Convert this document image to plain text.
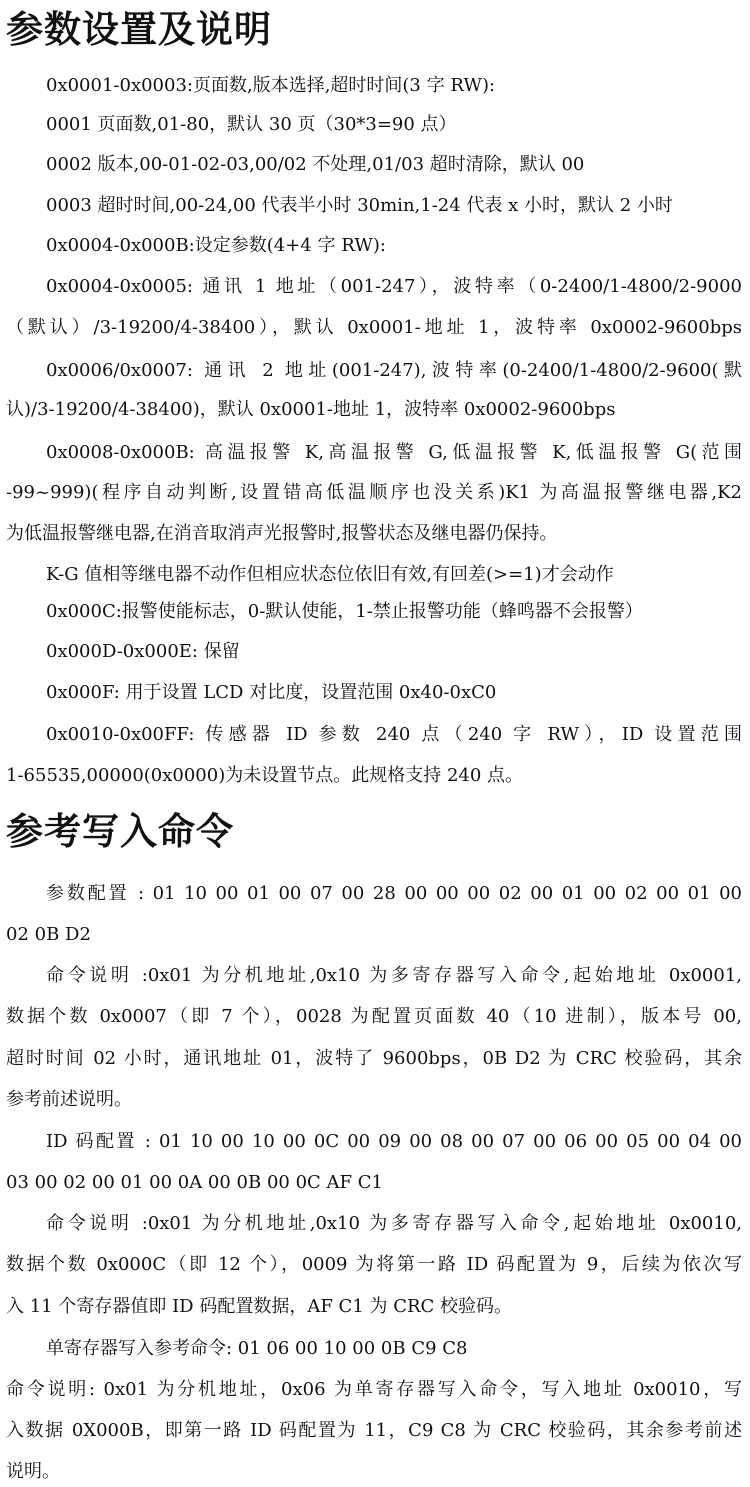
参数设置及说明

0x0001-0x0003:页面数,版本选择,超时时间(3 字 RW):

0001 页面数,01-80，默认 30 页（30*3=90 点）

0002 版本,00-01-02-03,00/02 不处理,01/03 超时清除，默认 00

0003 超时时间,00-24,00 代表半小时 30min,1-24 代表 x 小时，默认 2 小时

0x0004-0x000B:设定参数(4+4 字 RW):

0x0004-0x0005: 通讯 1 地址（001-247），波特率（0-2400/1-4800/2-9000

（默认）/3-19200/4-38400），默认 0x0001-地址 1，波特率 0x0002-9600bps

0x0006/0x0007: 通讯 2 地址(001-247),波特率(0-2400/1-4800/2-9600(默

认)/3-19200/4-38400)，默认 0x0001-地址 1，波特率 0x0002-9600bps

0x0008-0x000B: 高温报警 K,高温报警 G,低温报警 K,低温报警 G(范围

-99~999)(程序自动判断,设置错高低温顺序也没关系)K1 为高温报警继电器,K2

为低温报警继电器,在消音取消声光报警时,报警状态及继电器仍保持。

K-G 值相等继电器不动作但相应状态位依旧有效,有回差(>=1)才会动作

0x000C:报警使能标志，0-默认使能，1-禁止报警功能（蜂鸣器不会报警）

0x000D-0x000E: 保留

0x000F: 用于设置 LCD 对比度，设置范围 0x40-0xC0

0x0010-0x00FF: 传感器 ID 参数 240 点（240 字 RW），ID 设置范围

1-65535,00000(0x0000)为未设置节点。此规格支持 240 点。

参考写入命令

参数配置 : 01 10 00 01 00 07 00 28 00 00 00 02 00 01 00 02 00 01 00

02 0B D2

命令说明 :0x01 为分机地址,0x10 为多寄存器写入命令,起始地址 0x0001,

数据个数 0x0007（即 7 个），0028 为配置页面数 40（10 进制），版本号 00,

超时时间 02 小时，通讯地址 01，波特了 9600bps，0B D2 为 CRC 校验码，其余

参考前述说明。

ID 码配置 : 01 10 00 10 00 0C 00 09 00 08 00 07 00 06 00 05 00 04 00

03 00 02 00 01 00 0A 00 0B 00 0C AF C1

命令说明 :0x01 为分机地址,0x10 为多寄存器写入命令,起始地址 0x0010,

数据个数 0x000C（即 12 个），0009 为将第一路 ID 码配置为 9，后续为依次写

入 11 个寄存器值即 ID 码配置数据，AF C1 为 CRC 校验码。

单寄存器写入参考命令: 01 06 00 10 00 0B C9 C8

命令说明: 0x01 为分机地址，0x06 为单寄存器写入命令，写入地址 0x0010，写

入数据 0X000B，即第一路 ID 码配置为 11，C9 C8 为 CRC 校验码，其余参考前述

说明。
